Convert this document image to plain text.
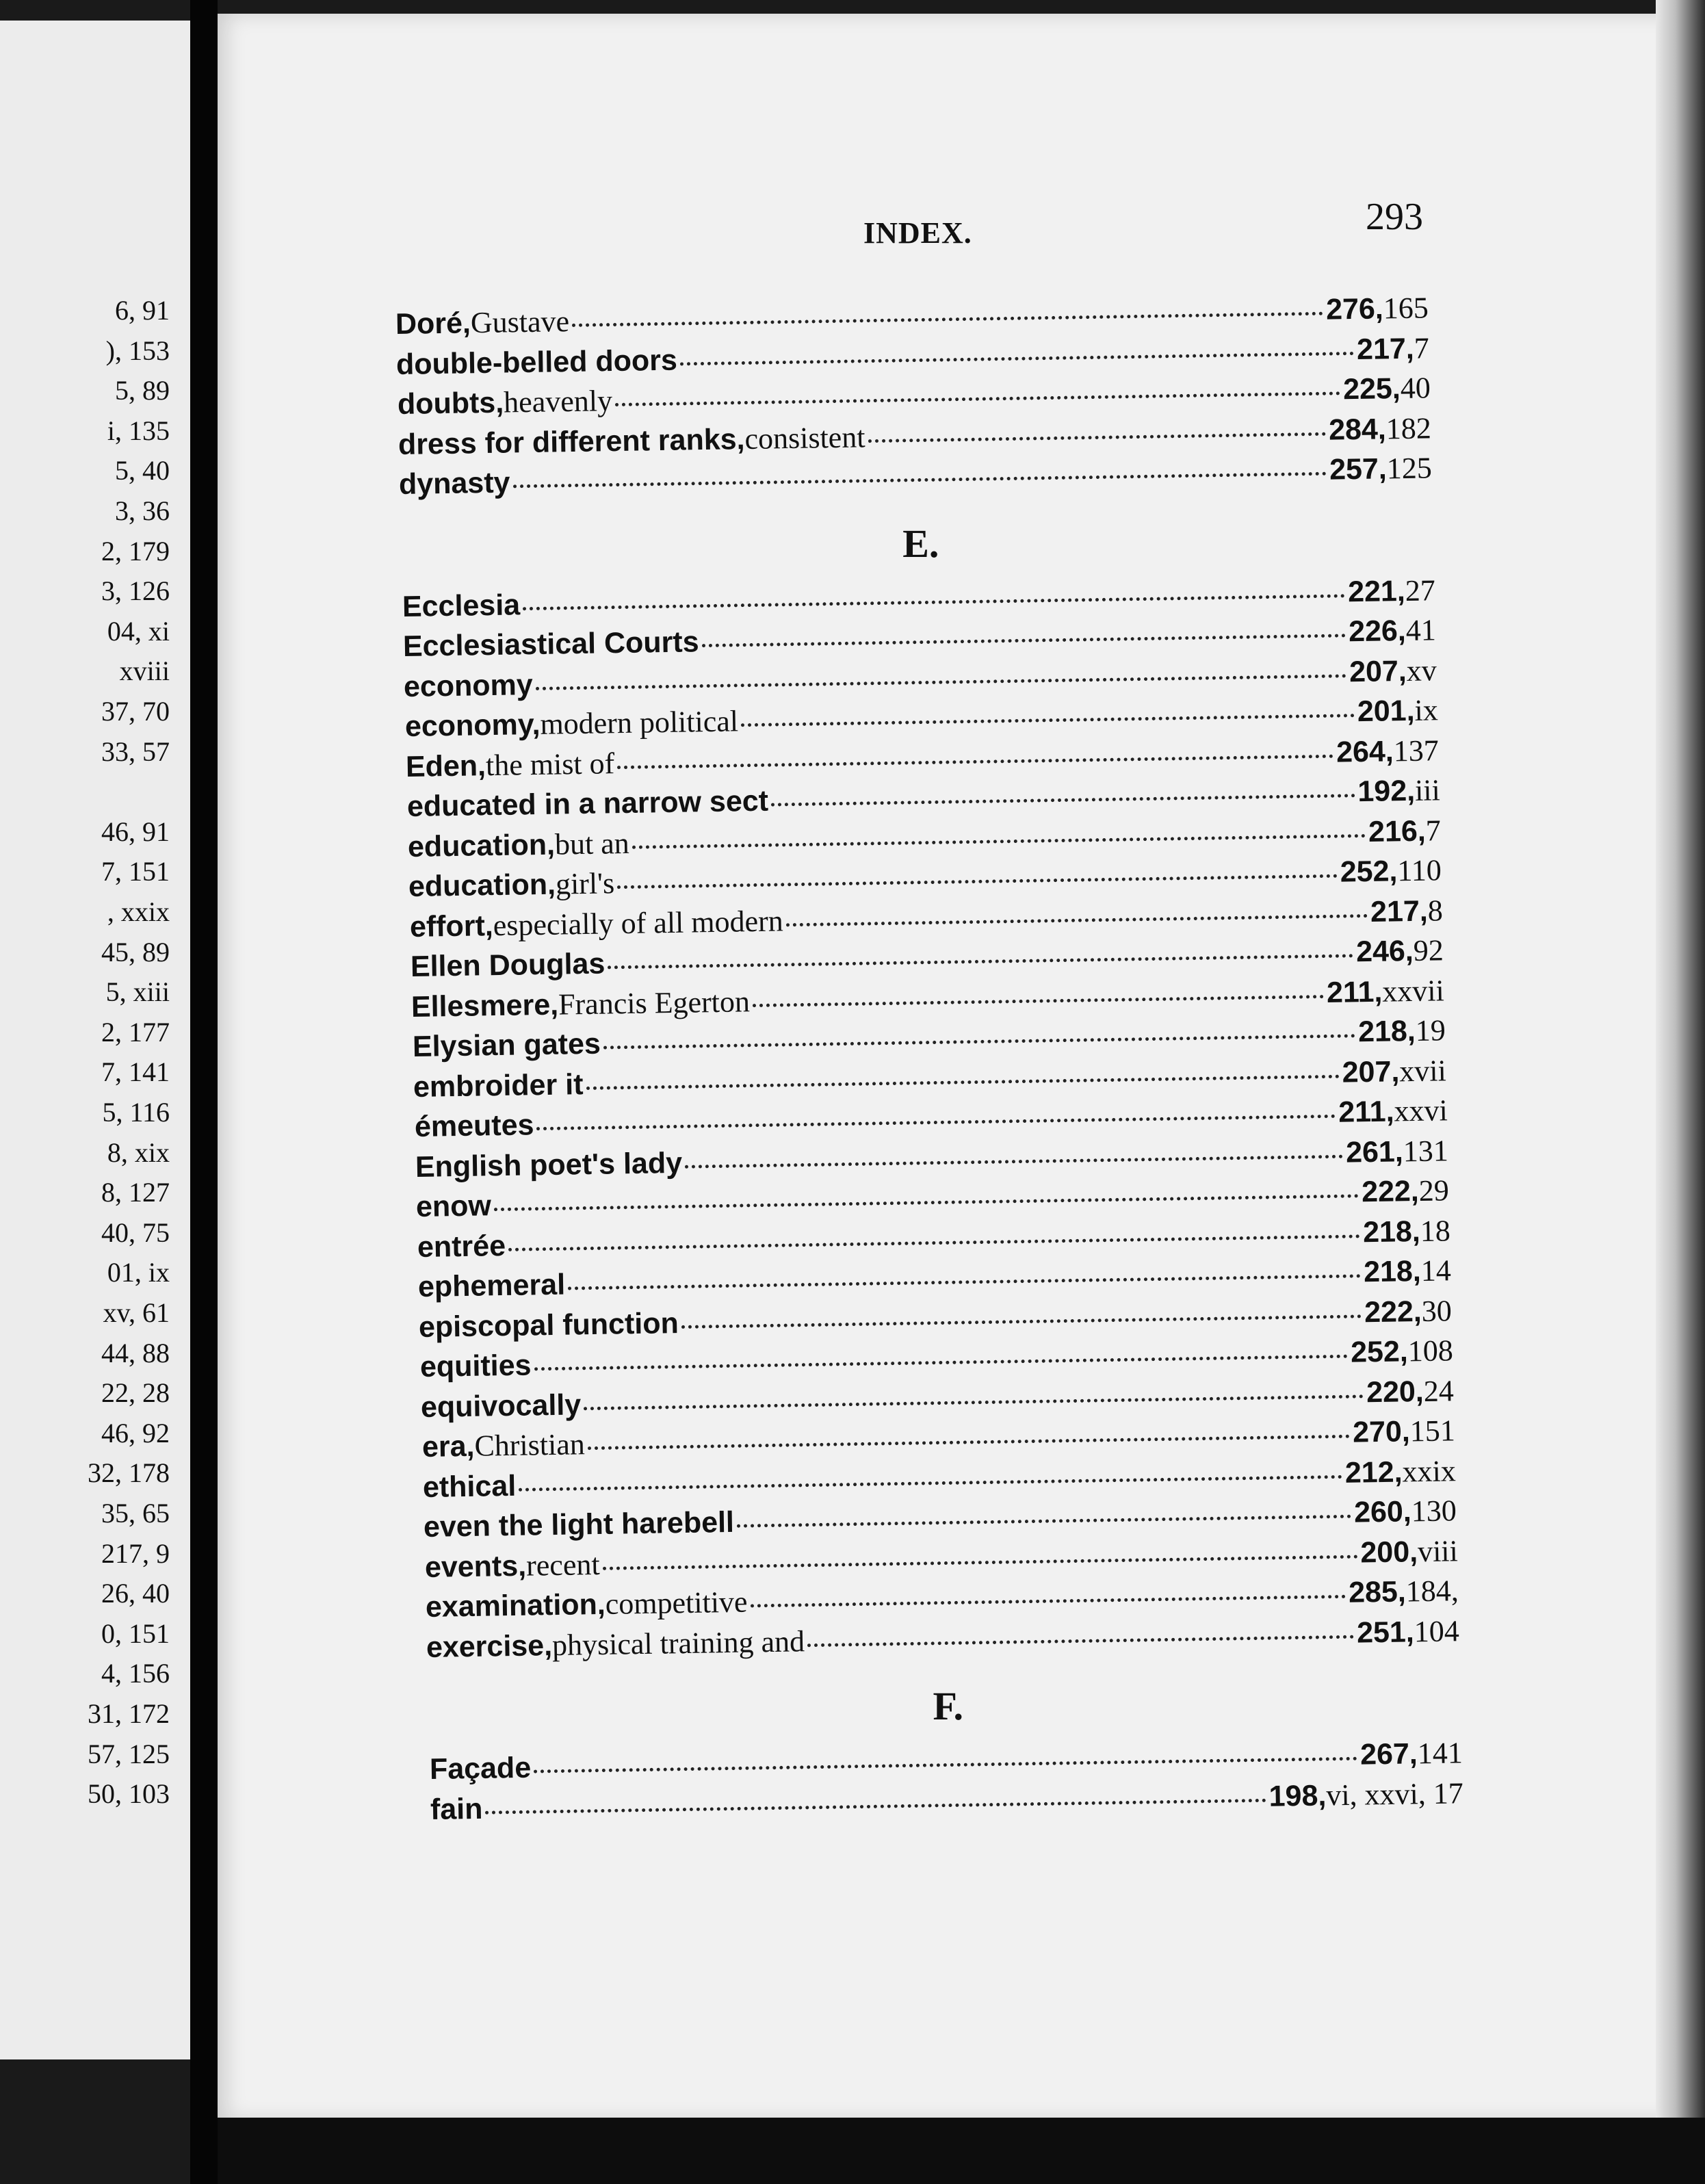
6, 91
), 153
5, 89
i, 135
5, 40
3, 36
2, 179
3, 126
04, xi
xviii
37, 70
33, 57
46, 91
7, 151
, xxix
45, 89
5, xiii
2, 177
7, 141
5, 116
8, xix
8, 127
40, 75
01, ix
xv, 61
44, 88
22, 28
46, 92
32, 178
35, 65
217, 9
26, 40
0, 151
4, 156
31, 172
57, 125
50, 103
INDEX.	293
Doré, Gustave	276, 165
double-belled doors	217, 7
doubts, heavenly	225, 40
dress for different ranks, consistent	284, 182
dynasty	257, 125
E.
Ecclesia	221, 27
Ecclesiastical Courts	226, 41
economy	207, xv
economy, modern political	201, ix
Eden, the mist of	264, 137
educated in a narrow sect	192, iii
education, but an	216, 7
education, girl's	252, 110
effort, especially of all modern	217, 8
Ellen Douglas	246, 92
Ellesmere, Francis Egerton	211, xxvii
Elysian gates	218, 19
embroider it	207, xvii
émeutes	211, xxvi
English poet's lady	261, 131
enow	222, 29
entrée	218, 18
ephemeral	218, 14
episcopal function	222, 30
equities	252, 108
equivocally	220, 24
era, Christian	270, 151
ethical	212, xxix
even the light harebell	260, 130
events, recent	200, viii
examination, competitive	285, 184,
exercise, physical training and	251, 104
F.
Façade	267, 141
fain	198, vi, xxvi, 17
